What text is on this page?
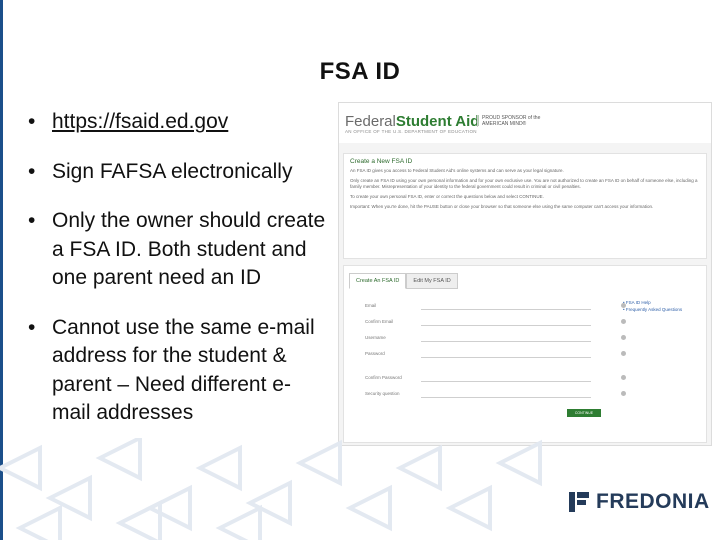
FSA ID
• https://fsaid.ed.gov
• Sign FAFSA electronically
• Only the owner should create a FSA ID. Both student and one parent need an ID
• Cannot use the same e-mail address for the student & parent – Need different e-mail addresses
FederalStudent Aid
AN OFFICE OF THE U.S. DEPARTMENT OF EDUCATION
PROUD SPONSOR of the AMERICAN MIND®
Create a New FSA ID
An FSA ID gives you access to Federal Student Aid's online systems and can serve as your legal signature.
Only create an FSA ID using your own personal information and for your own exclusive use. You are not authorized to create an FSA ID on behalf of someone else, including a family member. Misrepresentation of your identity to the federal government could result in criminal or civil penalties.
To create your own personal FSA ID, enter or correct the questions below and select CONTINUE.
Important: When you're done, hit the PAUSE button or close your browser so that someone else using the same computer can't access your information.
Create An FSA ID	Edit My FSA ID
Email
Confirm Email
Username
Password
Confirm Password
Security question
• FSA ID Help
• Frequently Asked Questions
CONTINUE
FREDONIA
